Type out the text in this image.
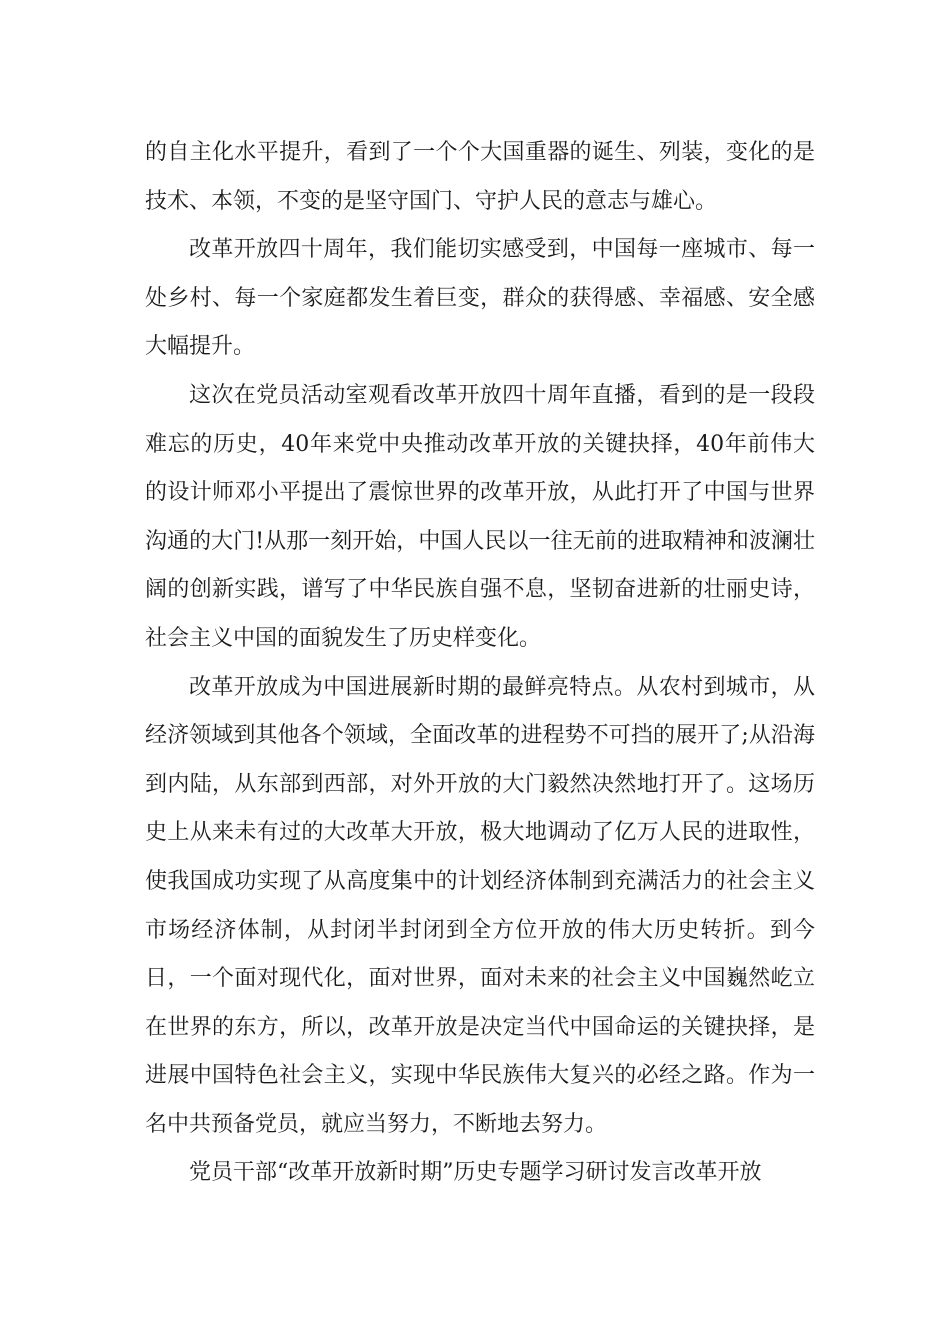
的自主化水平提升，看到了一个个大国重器的诞生、列装，变化的是技术、本领，不变的是坚守国门、守护人民的意志与雄心。

改革开放四十周年，我们能切实感受到，中国每一座城市、每一处乡村、每一个家庭都发生着巨变，群众的获得感、幸福感、安全感大幅提升。

这次在党员活动室观看改革开放四十周年直播，看到的是一段段难忘的历史，40年来党中央推动改革开放的关键抉择，40年前伟大的设计师邓小平提出了震惊世界的改革开放，从此打开了中国与世界沟通的大门!从那一刻开始，中国人民以一往无前的进取精神和波澜壮阔的创新实践，谱写了中华民族自强不息，坚韧奋进新的壮丽史诗，社会主义中国的面貌发生了历史样变化。

改革开放成为中国进展新时期的最鲜亮特点。从农村到城市，从经济领域到其他各个领域，全面改革的进程势不可挡的展开了;从沿海到内陆，从东部到西部，对外开放的大门毅然决然地打开了。这场历史上从来未有过的大改革大开放，极大地调动了亿万人民的进取性，使我国成功实现了从高度集中的计划经济体制到充满活力的社会主义市场经济体制，从封闭半封闭到全方位开放的伟大历史转折。到今日，一个面对现代化，面对世界，面对未来的社会主义中国巍然屹立在世界的东方，所以，改革开放是决定当代中国命运的关键抉择，是进展中国特色社会主义，实现中华民族伟大复兴的必经之路。作为一名中共预备党员，就应当努力，不断地去努力。

党员干部“改革开放新时期”历史专题学习研讨发言改革开放
